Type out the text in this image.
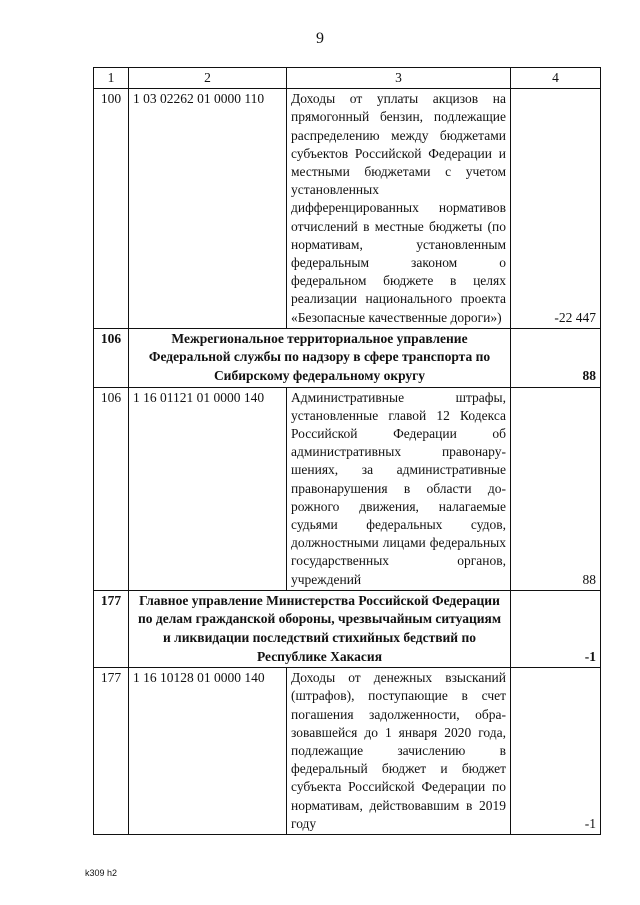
9
1	2	3	4
100	1 03 02262 01 0000 110	Доходы от уплаты акцизов на прямогонный бензин, подлежащие распределению между бюджетами субъектов Российской Федерации и местными бюджетами с учетом установленных дифференцированных нормативов отчислений в местные бюджеты (по нормативам, установленным федеральным законом о федеральном бюджете в целях реализации национального проекта «Безопасные качественные дороги»)	-22 447
106	Межрегиональное территориальное управление Федеральной службы по надзору в сфере транспорта по Сибирскому федеральному округу		88
106	1 16 01121 01 0000 140	Административные штрафы, установленные главой 12 Кодекса Российской Федерации об административных правонарушениях, за административные правонарушения в области дорожного движения, налагаемые судьями федеральных судов, должностными лицами федеральных государственных органов, учреждений	88
177	Главное управление Министерства Российской Федерации по делам гражданской обороны, чрезвычайным ситуациям и ликвидации последствий стихийных бедствий по Республике Хакасия		-1
177	1 16 10128 01 0000 140	Доходы от денежных взысканий (штрафов), поступающие в счет погашения задолженности, образовавшейся до 1 января 2020 года, подлежащие зачислению в федеральный бюджет и бюджет субъекта Российской Федерации по нормативам, действовавшим в 2019 году	-1
k309 h2
